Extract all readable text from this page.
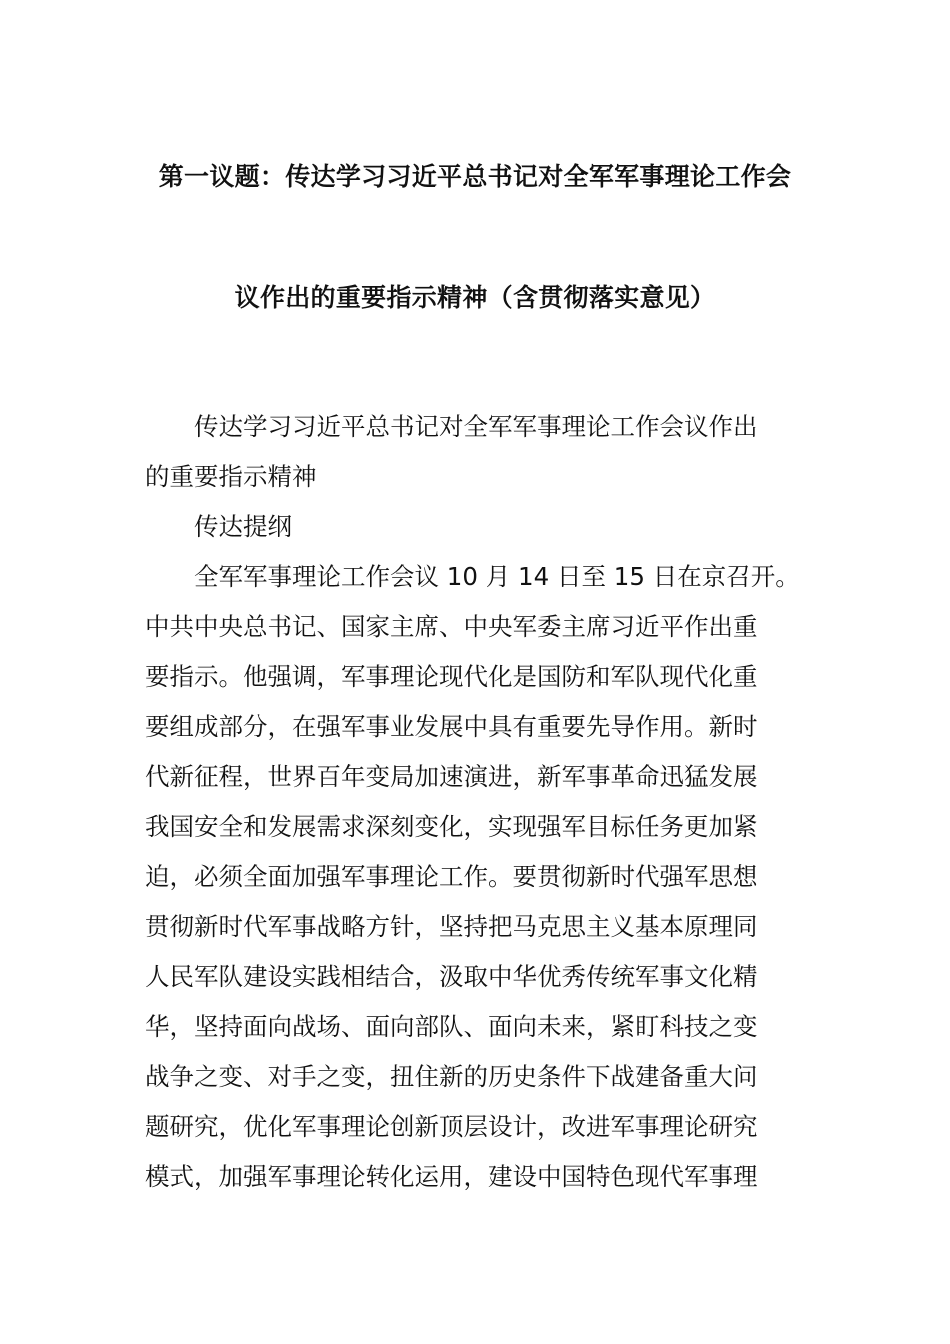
第一议题：传达学习习近平总书记对全军军事理论工作会
议作出的重要指示精神（含贯彻落实意见）
传达学习习近平总书记对全军军事理论工作会议作出
的重要指示精神
传达提纲
全军军事理论工作会议 10 月 14 日至 15 日在京召开。
中共中央总书记、国家主席、中央军委主席习近平作出重
要指示。他强调，军事理论现代化是国防和军队现代化重
要组成部分，在强军事业发展中具有重要先导作用。新时
代新征程，世界百年变局加速演进，新军事革命迅猛发展
我国安全和发展需求深刻变化，实现强军目标任务更加紧
迫，必须全面加强军事理论工作。要贯彻新时代强军思想
贯彻新时代军事战略方针，坚持把马克思主义基本原理同
人民军队建设实践相结合，汲取中华优秀传统军事文化精
华，坚持面向战场、面向部队、面向未来，紧盯科技之变
战争之变、对手之变，扭住新的历史条件下战建备重大问
题研究，优化军事理论创新顶层设计，改进军事理论研究
模式，加强军事理论转化运用，建设中国特色现代军事理
